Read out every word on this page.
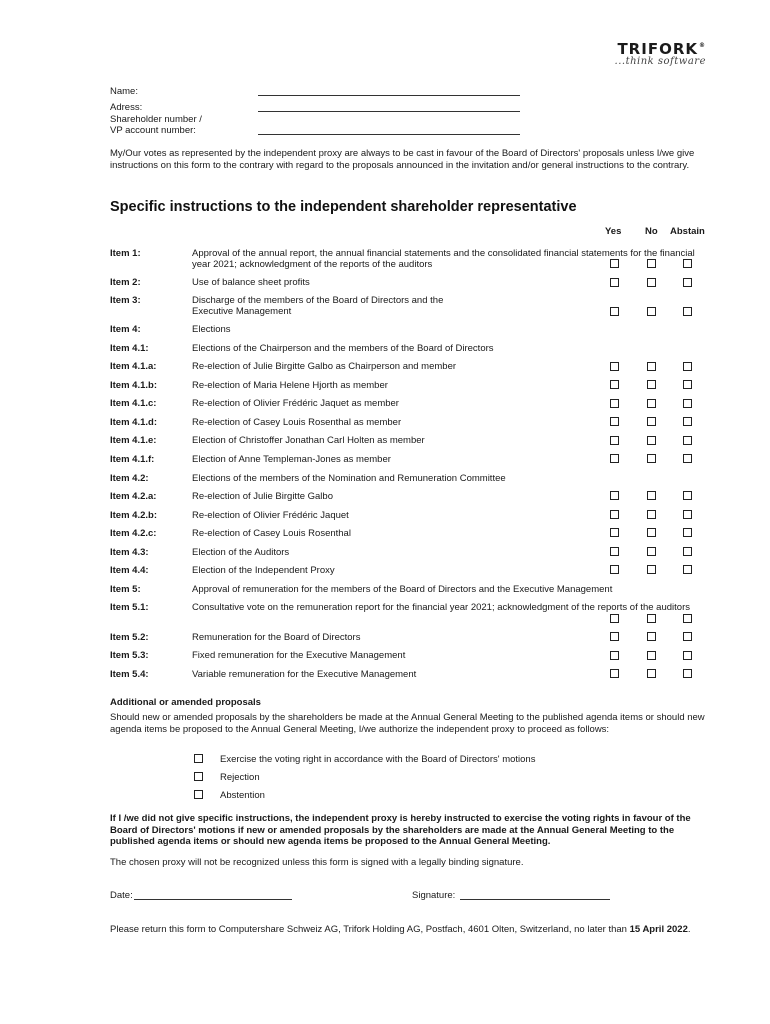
TRIFORK®
...think software
Name:
Adress:
Shareholder number /
VP account number:
My/Our votes as represented by the independent proxy are always to be cast in favour of the Board of Directors' proposals unless I/we give instructions on this form to the contrary with regard to the proposals announced in the invitation and/or general instructions to the contrary.
Specific instructions to the independent shareholder representative
Yes No Abstain
Item 1:	Approval of the annual report, the annual financial statements and the consolidated financial statements for the financial year 2021; acknowledgment of the reports of the auditors
Item 2:	Use of balance sheet profits
Item 3:	Discharge of the members of the Board of Directors and the Executive Management
Item 4:	Elections
Item 4.1:	Elections of the Chairperson and the members of the Board of Directors
Item 4.1.a:	Re-election of Julie Birgitte Galbo as Chairperson and member
Item 4.1.b:	Re-election of Maria Helene Hjorth as member
Item 4.1.c:	Re-election of Olivier Frédéric Jaquet as member
Item 4.1.d:	Re-election of Casey Louis Rosenthal as member
Item 4.1.e:	Election of Christoffer Jonathan Carl Holten as member
Item 4.1.f:	Election of Anne Templeman-Jones as member
Item 4.2:	Elections of the members of the Nomination and Remuneration Committee
Item 4.2.a:	Re-election of Julie Birgitte Galbo
Item 4.2.b:	Re-election of Olivier Frédéric Jaquet
Item 4.2.c:	Re-election of Casey Louis Rosenthal
Item 4.3:	Election of the Auditors
Item 4.4:	Election of the Independent Proxy
Item 5:	Approval of remuneration for the members of the Board of Directors and the Executive Management
Item 5.1:	Consultative vote on the remuneration report for the financial year 2021; acknowledgment of the reports of the auditors
Item 5.2:	Remuneration for the Board of Directors
Item 5.3:	Fixed remuneration for the Executive Management
Item 5.4:	Variable remuneration for the Executive Management
Additional or amended proposals
Should new or amended proposals by the shareholders be made at the Annual General Meeting to the published agenda items or should new agenda items be proposed to the Annual General Meeting, I/we authorize the independent proxy to proceed as follows:
Exercise the voting right in accordance with the Board of Directors' motions
Rejection
Abstention
If I /we did not give specific instructions, the independent proxy is hereby instructed to exercise the voting rights in favour of the Board of Directors' motions if new or amended proposals by the shareholders are made at the Annual General Meeting to the published agenda items or should new agenda items be proposed to the Annual General Meeting.
The chosen proxy will not be recognized unless this form is signed with a legally binding signature.
Date:	Signature:
Please return this form to Computershare Schweiz AG, Trifork Holding AG, Postfach, 4601 Olten, Switzerland, no later than 15 April 2022.
